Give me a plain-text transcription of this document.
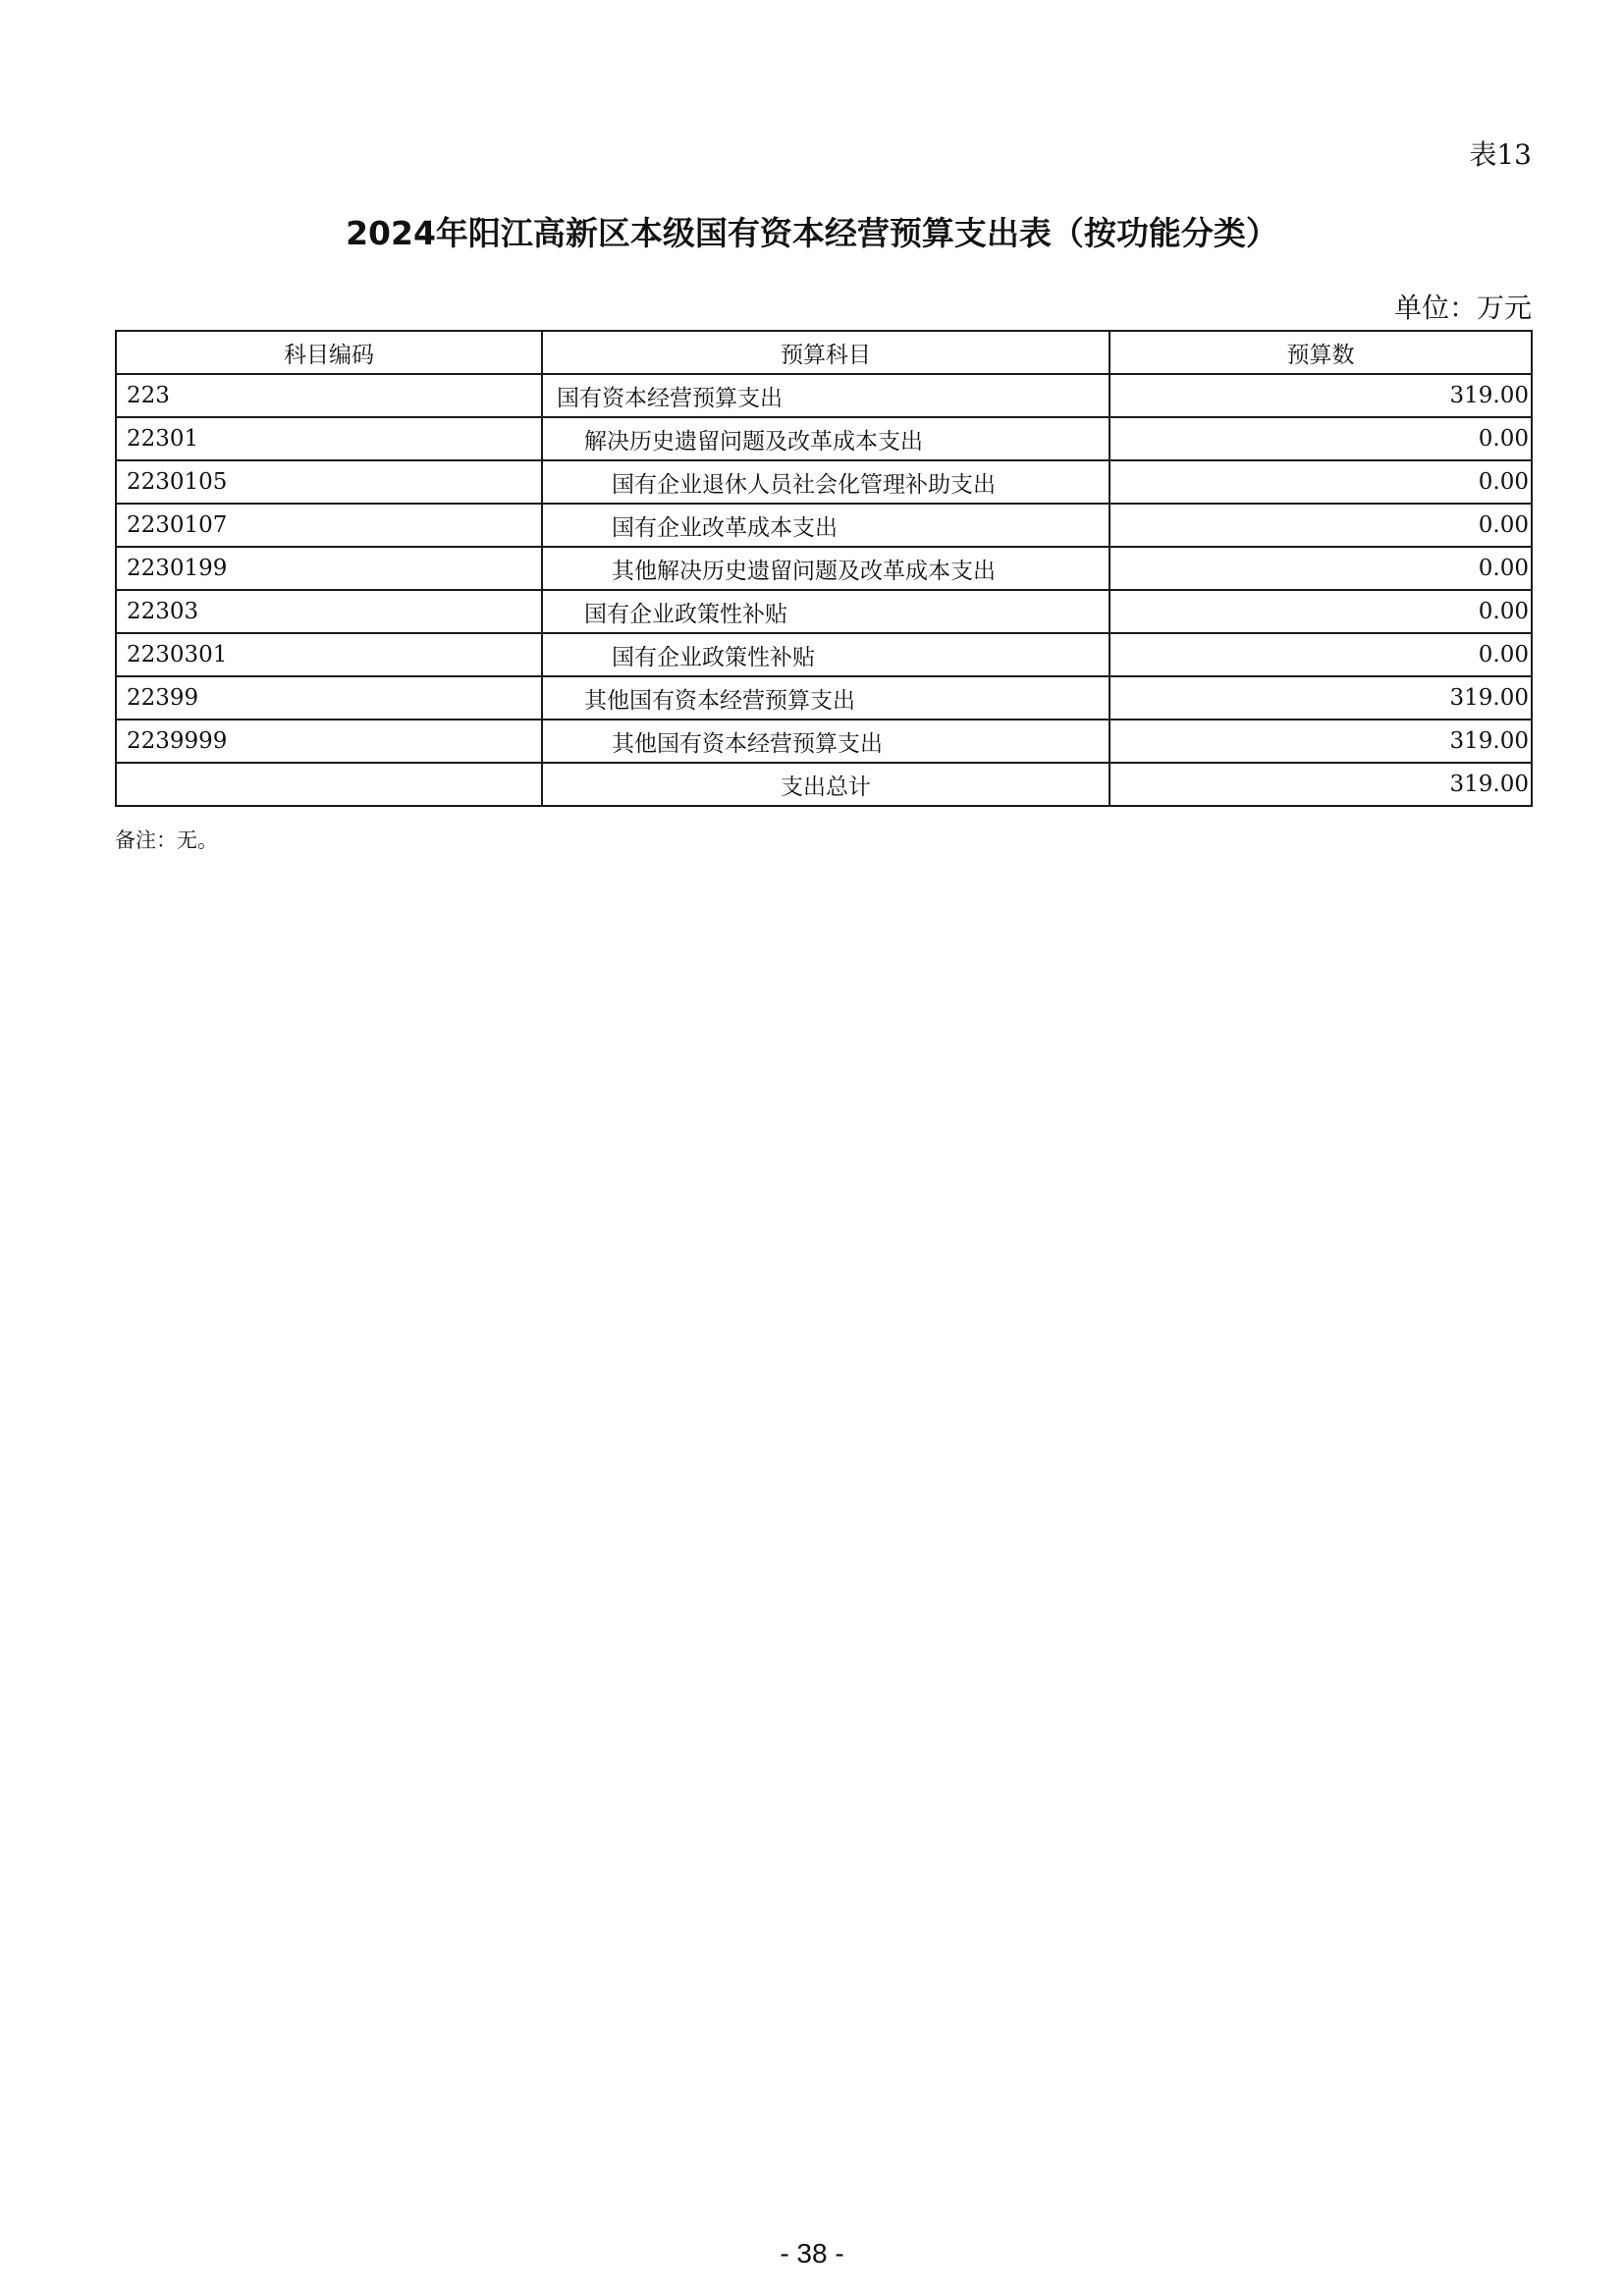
表13
2024年阳江高新区本级国有资本经营预算支出表（按功能分类）
单位：万元
科目编码	预算科目	预算数
223	国有资本经营预算支出	319.00
22301	解决历史遗留问题及改革成本支出	0.00
2230105	国有企业退休人员社会化管理补助支出	0.00
2230107	国有企业改革成本支出	0.00
2230199	其他解决历史遗留问题及改革成本支出	0.00
22303	国有企业政策性补贴	0.00
2230301	国有企业政策性补贴	0.00
22399	其他国有资本经营预算支出	319.00
2239999	其他国有资本经营预算支出	319.00
	支出总计	319.00
备注：无。
- 38 -
